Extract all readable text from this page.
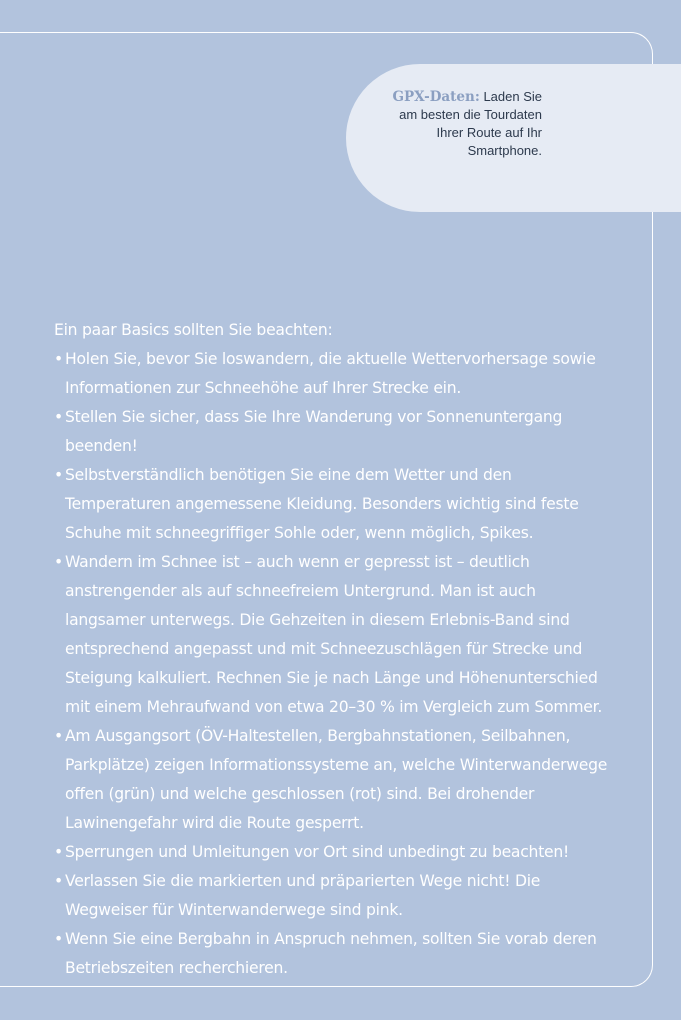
GPX-Daten: Laden Sie am besten die Tourdaten Ihrer Route auf Ihr Smartphone.

Ein paar Basics sollten Sie beachten:

• Holen Sie, bevor Sie loswandern, die aktuelle Wettervorhersage sowie Informationen zur Schneehöhe auf Ihrer Strecke ein.
• Stellen Sie sicher, dass Sie Ihre Wanderung vor Sonnenuntergang beenden!
• Selbstverständlich benötigen Sie eine dem Wetter und den Temperaturen angemessene Kleidung. Besonders wichtig sind feste Schuhe mit schneegriffiger Sohle oder, wenn möglich, Spikes.
• Wandern im Schnee ist – auch wenn er gepresst ist – deutlich anstrengender als auf schneefreiem Untergrund. Man ist auch langsamer unterwegs. Die Gehzeiten in diesem Erlebnis-Band sind entsprechend angepasst und mit Schneezuschlägen für Strecke und Steigung kalkuliert. Rechnen Sie je nach Länge und Höhenunterschied mit einem Mehraufwand von etwa 20–30 % im Vergleich zum Sommer.
• Am Ausgangsort (ÖV-Haltestellen, Bergbahnstationen, Seilbahnen, Parkplätze) zeigen Informationssysteme an, welche Winterwanderwege offen (grün) und welche geschlossen (rot) sind. Bei drohender Lawinengefahr wird die Route gesperrt.
• Sperrungen und Umleitungen vor Ort sind unbedingt zu beachten!
• Verlassen Sie die markierten und präparierten Wege nicht! Die Wegweiser für Winterwanderwege sind pink.
• Wenn Sie eine Bergbahn in Anspruch nehmen, sollten Sie vorab deren Betriebszeiten recherchieren.
